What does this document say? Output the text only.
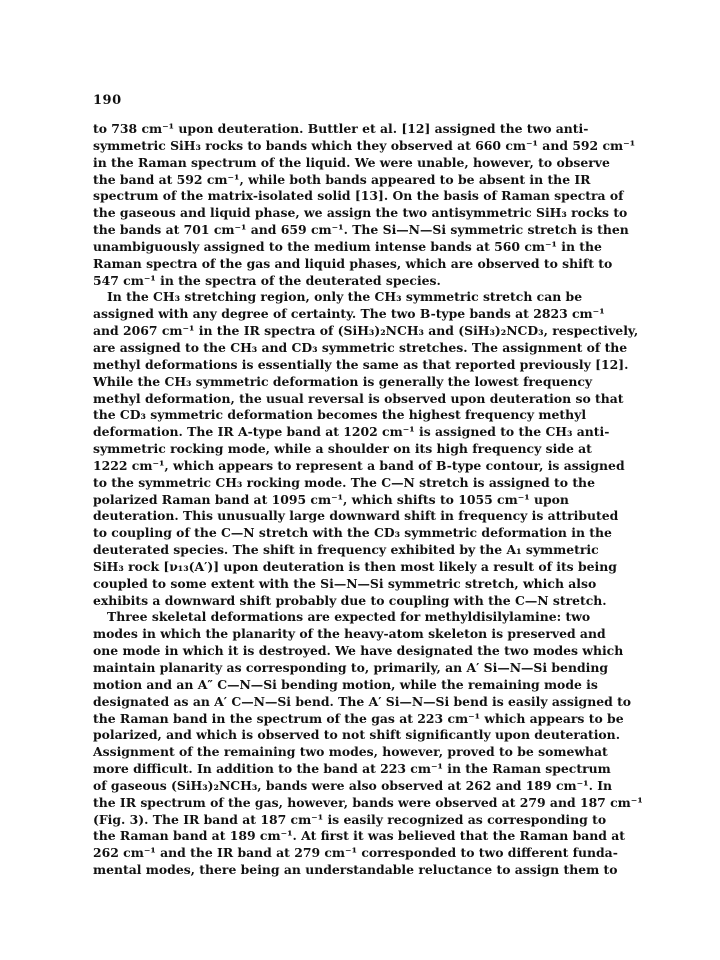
190

to 738 cm⁻¹ upon deuteration. Buttler et al. [12] assigned the two anti-
symmetric SiH₃ rocks to bands which they observed at 660 cm⁻¹ and 592 cm⁻¹
in the Raman spectrum of the liquid. We were unable, however, to observe
the band at 592 cm⁻¹, while both bands appeared to be absent in the IR
spectrum of the matrix-isolated solid [13]. On the basis of Raman spectra of
the gaseous and liquid phase, we assign the two antisymmetric SiH₃ rocks to
the bands at 701 cm⁻¹ and 659 cm⁻¹. The Si—N—Si symmetric stretch is then
unambiguously assigned to the medium intense bands at 560 cm⁻¹ in the
Raman spectra of the gas and liquid phases, which are observed to shift to
547 cm⁻¹ in the spectra of the deuterated species.

In the CH₃ stretching region, only the CH₃ symmetric stretch can be
assigned with any degree of certainty. The two B-type bands at 2823 cm⁻¹
and 2067 cm⁻¹ in the IR spectra of (SiH₃)₂NCH₃ and (SiH₃)₂NCD₃, respectively,
are assigned to the CH₃ and CD₃ symmetric stretches. The assignment of the
methyl deformations is essentially the same as that reported previously [12].
While the CH₃ symmetric deformation is generally the lowest frequency
methyl deformation, the usual reversal is observed upon deuteration so that
the CD₃ symmetric deformation becomes the highest frequency methyl
deformation. The IR A-type band at 1202 cm⁻¹ is assigned to the CH₃ anti-
symmetric rocking mode, while a shoulder on its high frequency side at
1222 cm⁻¹, which appears to represent a band of B-type contour, is assigned
to the symmetric CH₃ rocking mode. The C—N stretch is assigned to the
polarized Raman band at 1095 cm⁻¹, which shifts to 1055 cm⁻¹ upon
deuteration. This unusually large downward shift in frequency is attributed
to coupling of the C—N stretch with the CD₃ symmetric deformation in the
deuterated species. The shift in frequency exhibited by the A₁ symmetric
SiH₃ rock [ν₁₃(A′)] upon deuteration is then most likely a result of its being
coupled to some extent with the Si—N—Si symmetric stretch, which also
exhibits a downward shift probably due to coupling with the C—N stretch.

Three skeletal deformations are expected for methyldisilylamine: two
modes in which the planarity of the heavy-atom skeleton is preserved and
one mode in which it is destroyed. We have designated the two modes which
maintain planarity as corresponding to, primarily, an A′ Si—N—Si bending
motion and an A″ C—N—Si bending motion, while the remaining mode is
designated as an A′ C—N—Si bend. The A′ Si—N—Si bend is easily assigned to
the Raman band in the spectrum of the gas at 223 cm⁻¹ which appears to be
polarized, and which is observed to not shift significantly upon deuteration.
Assignment of the remaining two modes, however, proved to be somewhat
more difficult. In addition to the band at 223 cm⁻¹ in the Raman spectrum
of gaseous (SiH₃)₂NCH₃, bands were also observed at 262 and 189 cm⁻¹. In
the IR spectrum of the gas, however, bands were observed at 279 and 187 cm⁻¹
(Fig. 3). The IR band at 187 cm⁻¹ is easily recognized as corresponding to
the Raman band at 189 cm⁻¹. At first it was believed that the Raman band at
262 cm⁻¹ and the IR band at 279 cm⁻¹ corresponded to two different funda-
mental modes, there being an understandable reluctance to assign them to
